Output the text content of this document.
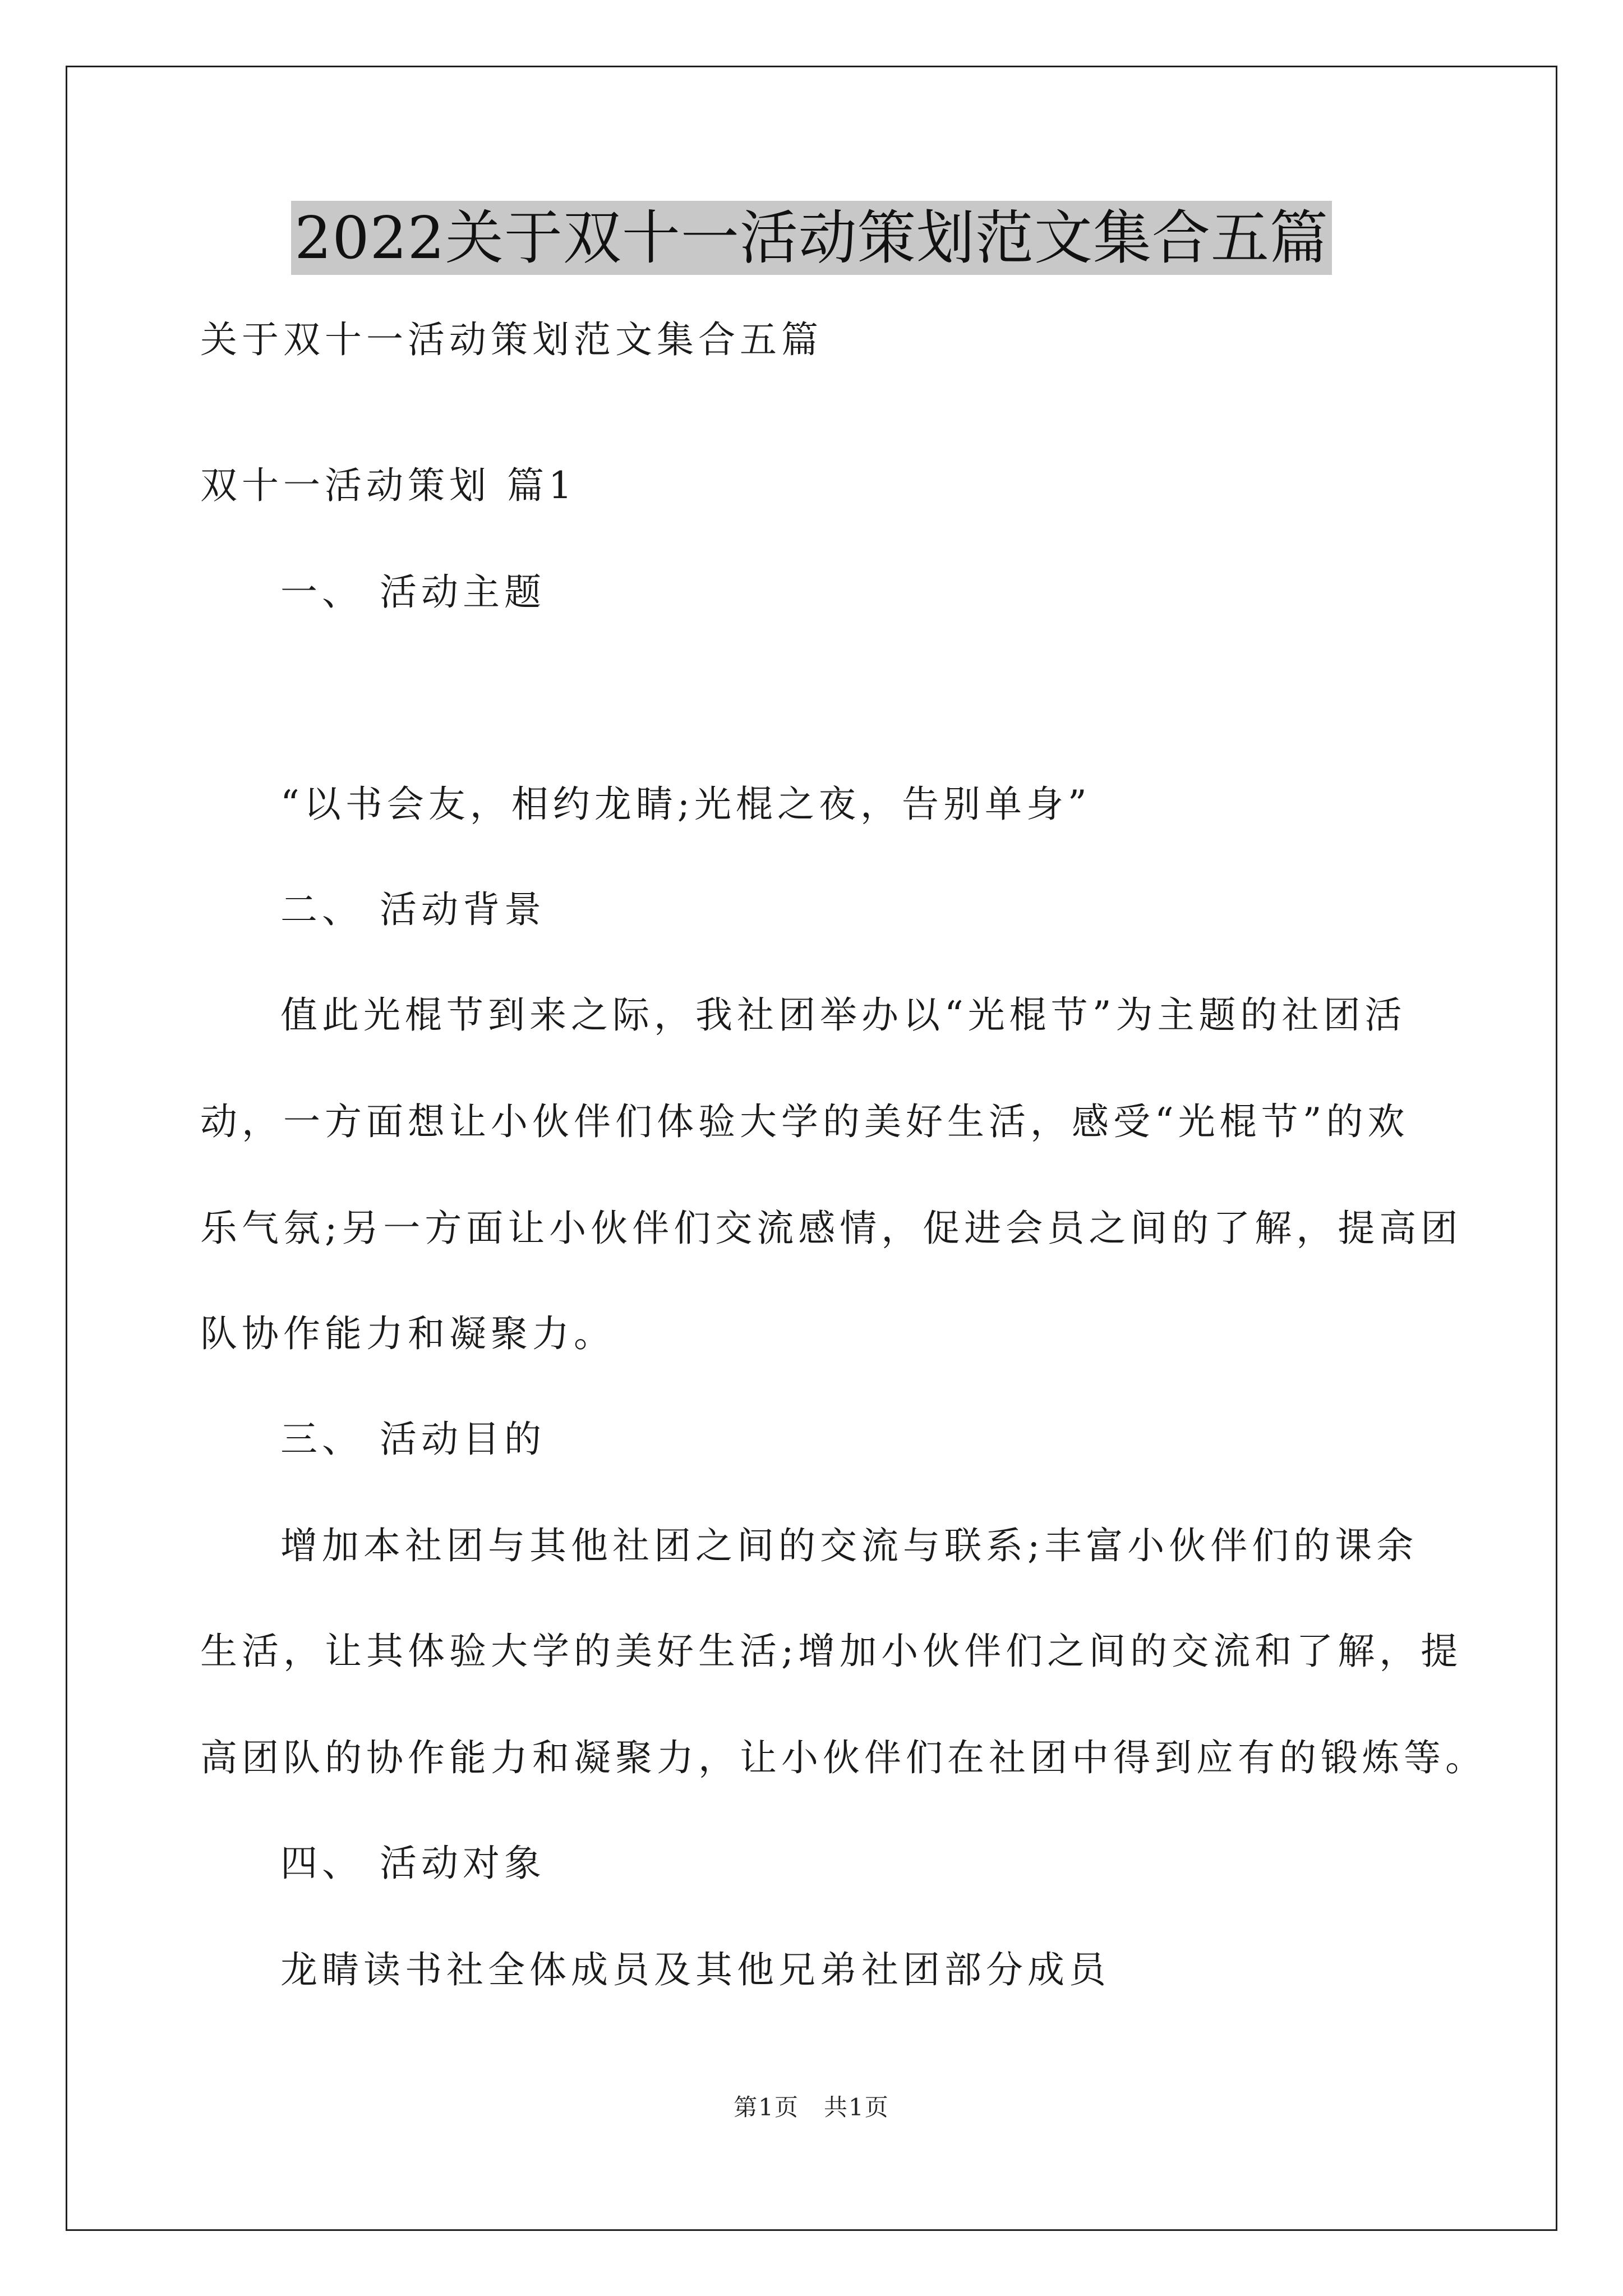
2022关于双十一活动策划范文集合五篇
关于双十一活动策划范文集合五篇
双十一活动策划 篇1
一、 活动主题
“以书会友，相约龙睛;光棍之夜，告别单身”
二、 活动背景
值此光棍节到来之际，我社团举办以“光棍节”为主题的社团活
动，一方面想让小伙伴们体验大学的美好生活，感受“光棍节”的欢
乐气氛;另一方面让小伙伴们交流感情，促进会员之间的了解，提高团
队协作能力和凝聚力。
三、 活动目的
增加本社团与其他社团之间的交流与联系;丰富小伙伴们的课余
生活，让其体验大学的美好生活;增加小伙伴们之间的交流和了解，提
高团队的协作能力和凝聚力，让小伙伴们在社团中得到应有的锻炼等。
四、 活动对象
龙睛读书社全体成员及其他兄弟社团部分成员
第1页　共1页
